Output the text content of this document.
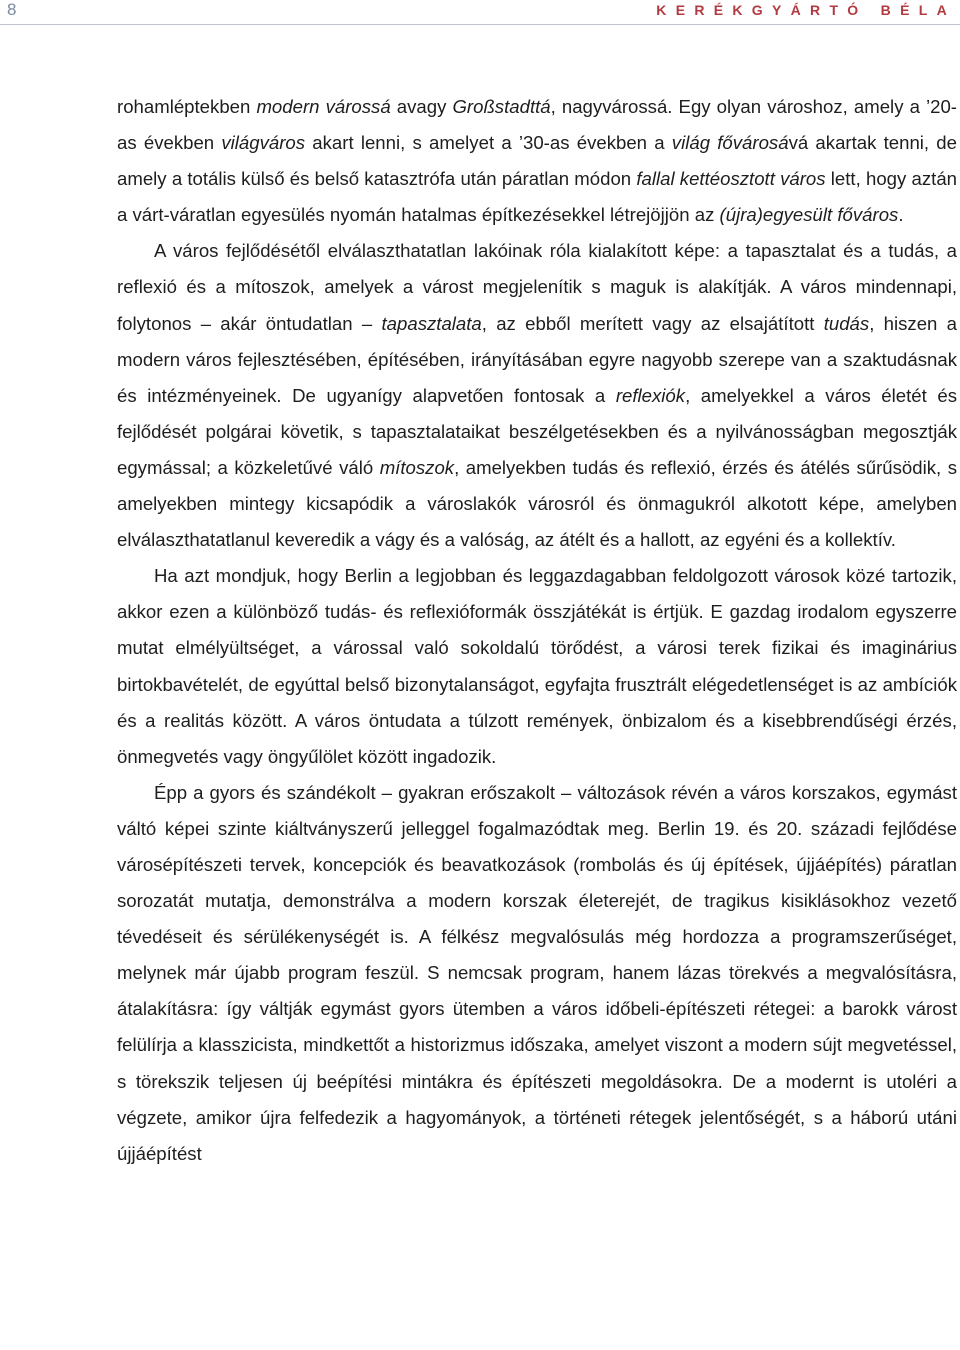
8	KERÉKGYÁRTÓ BÉLA

rohamléptekben modern várossá avagy Großstadttá, nagyvárossá. Egy olyan városhoz, amely a ’20-as években világváros akart lenni, s amelyet a ’30-as években a világ fővárosává akartak tenni, de amely a totális külső és belső katasztrófa után páratlan módon fallal kettéosztott város lett, hogy aztán a várt-váratlan egyesülés nyomán hatalmas építkezésekkel létrejöjjön az (újra)egyesült főváros.

A város fejlődésétől elválaszthatatlan lakóinak róla kialakított képe: a tapasztalat és a tudás, a reflexió és a mítoszok, amelyek a várost megjelenítik s maguk is alakítják. A város mindennapi, folytonos – akár öntudatlan – tapasztalata, az ebből merített vagy az elsajátított tudás, hiszen a modern város fejlesztésében, építésében, irányításában egyre nagyobb szerepe van a szaktudásnak és intézményeinek. De ugyanígy alapvetően fontosak a reflexiók, amelyekkel a város életét és fejlődését polgárai követik, s tapasztalataikat beszélgetésekben és a nyilvánosságban megosztják egymással; a közkeletűvé váló mítoszok, amelyekben tudás és reflexió, érzés és átélés sűrűsödik, s amelyekben mintegy kicsapódik a városlakók városról és önmagukról alkotott képe, amelyben elválaszthatatlanul keveredik a vágy és a valóság, az átélt és a hallott, az egyéni és a kollektív.

Ha azt mondjuk, hogy Berlin a legjobban és leggazdagabban feldolgozott városok közé tartozik, akkor ezen a különböző tudás- és reflexióformák összjátékát is értjük. E gazdag irodalom egyszerre mutat elmélyültséget, a várossal való sokoldalú törődést, a városi terek fizikai és imaginárius birtokbavételét, de egyúttal belső bizonytalanságot, egyfajta frusztrált elégedetlenséget is az ambíciók és a realitás között. A város öntudata a túlzott remények, önbizalom és a kisebbrendűségi érzés, önmegvetés vagy öngyűlölet között ingadozik.

Épp a gyors és szándékolt – gyakran erőszakolt – változások révén a város korszakos, egymást váltó képei szinte kiáltványszerű jelleggel fogalmazódtak meg. Berlin 19. és 20. századi fejlődése városépítészeti tervek, koncepciók és beavatkozások (rombolás és új építések, újjáépítés) páratlan sorozatát mutatja, demonstrálva a modern korszak életerejét, de tragikus kisiklásokhoz vezető tévedéseit és sérülékenységét is. A félkész megvalósulás még hordozza a programszerűséget, melynek már újabb program feszül. S nemcsak program, hanem lázas törekvés a megvalósításra, átalakításra: így váltják egymást gyors ütemben a város időbeli-építészeti rétegei: a barokk várost felülírja a klasszicista, mindkettőt a historizmus időszaka, amelyet viszont a modern sújt megvetéssel, s törekszik teljesen új beépítési mintákra és építészeti megoldásokra. De a modernt is utoléri a végzete, amikor újra felfedezik a hagyományok, a történeti rétegek jelentőségét, s a háború utáni újjáépítést
